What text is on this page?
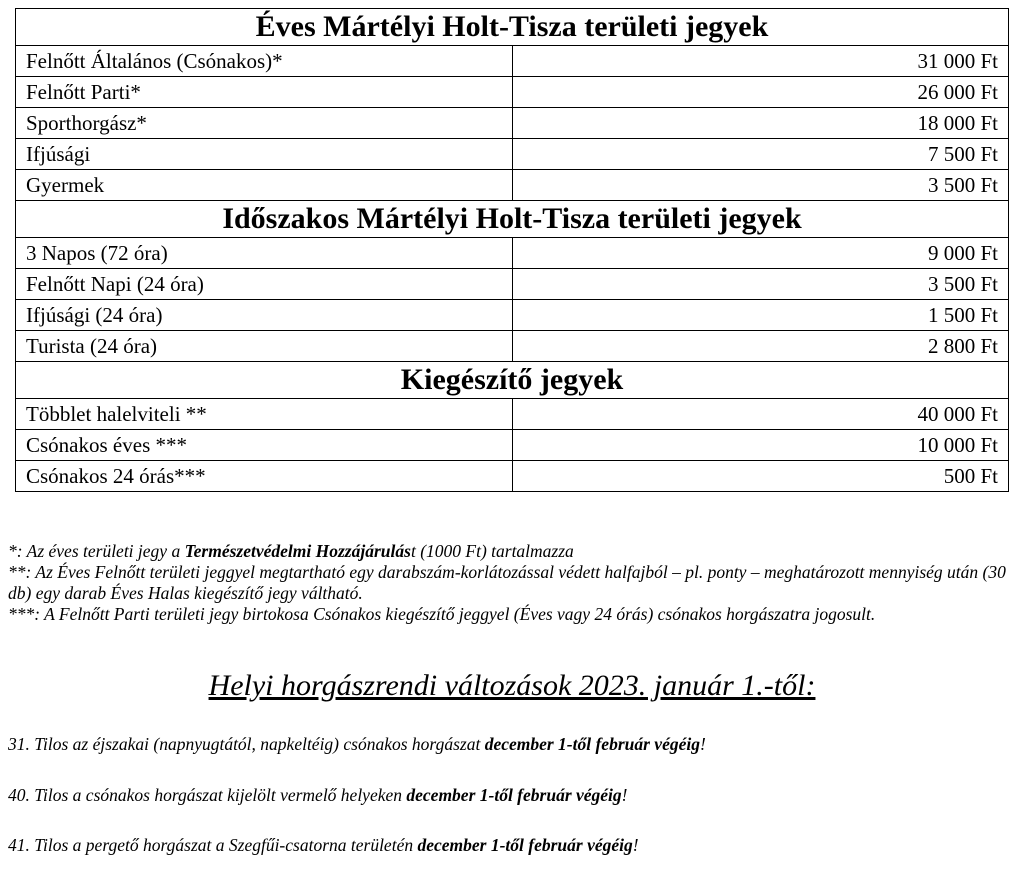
Éves Mártélyi Holt-Tisza területi jegyek	
Felnőtt Általános (Csónakos)*	31 000 Ft
Felnőtt Parti*	26 000 Ft
Sporthorgász*	18 000 Ft
Ifjúsági	7 500 Ft
Gyermek	3 500 Ft
Időszakos Mártélyi Holt-Tisza területi jegyek	
3 Napos (72 óra)	9 000 Ft
Felnőtt Napi (24 óra)	3 500 Ft
Ifjúsági (24 óra)	1 500 Ft
Turista (24 óra)	2 800 Ft
Kiegészítő jegyek	
Többlet halelviteli **	40 000 Ft
Csónakos éves ***	10 000 Ft
Csónakos 24 órás***	500 Ft

*: Az éves területi jegy a Természetvédelmi Hozzájárulást (1000 Ft) tartalmazza

**: Az Éves Felnőtt területi jeggyel megtartható egy darabszám-korlátozással védett halfajból – pl. ponty – meghatározott mennyiség után (30 db) egy darab Éves Halas kiegészítő jegy váltható.

***: A Felnőtt Parti területi jegy birtokosa Csónakos kiegészítő jeggyel (Éves vagy 24 órás) csónakos horgászatra jogosult.

Helyi horgászrendi változások 2023. január 1.-től:
31. Tilos az éjszakai (napnyugtától, napkeltéig) csónakos horgászat december 1-től február végéig!
40. Tilos a csónakos horgászat kijelölt vermelő helyeken december 1-től február végéig!
41. Tilos a pergető horgászat a Szegfűi-csatorna területén december 1-től február végéig!
